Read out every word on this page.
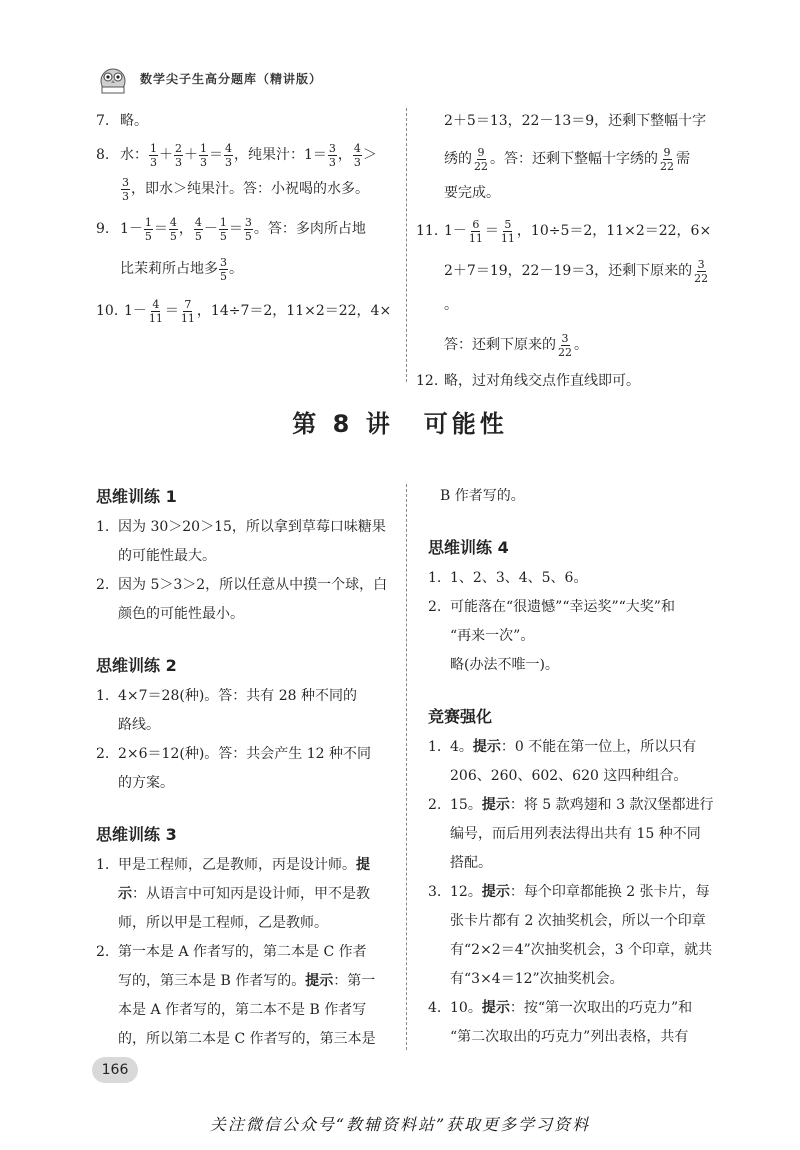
数学尖子生高分题库（精讲版）
7. 略。
8. 水： $\frac{1}{3} + \frac{2}{3} + \frac{1}{3} = \frac{4}{3}$ ，纯果汁：$1= \frac{3}{3}$ ， $\frac{4}{3}$ ＞
$\frac{3}{3}$ ，即水＞纯果汁。答：小祝喝的水多。
9. $1- \frac{1}{5} = \frac{4}{5}$ ， $\frac{4}{5} - \frac{1}{5} = \frac{3}{5}$ 。答：多肉所占地
比茉莉所占地多 $\frac{3}{5}$ 。
10. $1- \frac{4}{11} = \frac{7}{11}$ ，14÷7＝2，11×2＝22，4×
2＋5＝13，22－13＝9，还剩下整幅十字
绣的 $\frac{9}{22}$ 。答：还剩下整幅十字绣的 $\frac{9}{22}$ 需
要完成。
11. $1- \frac{6}{11} = \frac{5}{11}$ ，10÷5＝2，11×2＝22，6×
2＋7＝19，22－19＝3，还剩下原来的 $\frac{3}{22}$
。
答：还剩下原来的 $\frac{3}{22}$ 。
12. 略，过对角线交点作直线即可。
第 8 讲 可能性
思维训练 1
1. 因为 30＞20＞15，所以拿到草莓口味糖果
的可能性最大。
2. 因为 5＞3＞2，所以任意从中摸一个球，白
颜色的可能性最小。
思维训练 2
1. 4×7＝28(种)。答：共有 28 种不同的
路线。
2. 2×6＝12(种)。答：共会产生 12 种不同
的方案。
思维训练 3
1. 甲是工程师，乙是教师，丙是设计师。提
示：从语言中可知丙是设计师，甲不是教
师，所以甲是工程师，乙是教师。
2. 第一本是 A 作者写的，第二本是 C 作者
写的，第三本是 B 作者写的。提示：第一
本是 A 作者写的，第二本不是 B 作者写
的，所以第二本是 C 作者写的，第三本是
B 作者写的。
思维训练 4
1. 1、2、3、4、5、6。
2. 可能落在“很遗憾”“幸运奖”“大奖”和
“再来一次”。
略(办法不唯一)。
竞赛强化
1. 4。提示：0 不能在第一位上，所以只有
206、260、602、620 这四种组合。
2. 15。提示：将 5 款鸡翅和 3 款汉堡都进行
编号，而后用列表法得出共有 15 种不同
搭配。
3. 12。提示：每个印章都能换 2 张卡片，每
张卡片都有 2 次抽奖机会，所以一个印章
有“2×2＝4”次抽奖机会，3 个印章，就共
有“3×4＝12”次抽奖机会。
4. 10。提示：按“第一次取出的巧克力”和
“第二次取出的巧克力”列出表格，共有
166
关注微信公众号“教辅资料站”获取更多学习资料
